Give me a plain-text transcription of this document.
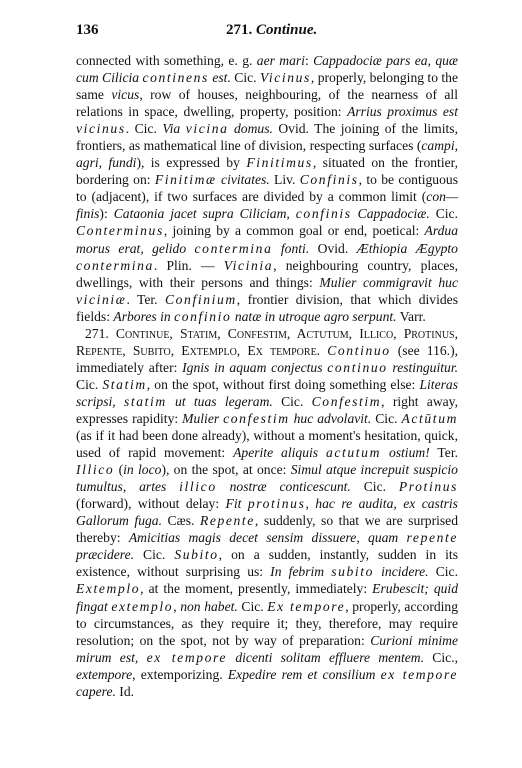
136	271. Continue.

connected with something, e. g. aer mari: Cappadociæ pars ea, quæ cum Cilicia continens est. Cic. Vicinus, properly, belonging to the same vicus, row of houses, neighbouring, of the nearness of all relations in space, dwelling, property, position: Arrius proximus est vicinus. Cic. Via vicina domus. Ovid. The joining of the limits, frontiers, as mathematical line of division, respecting surfaces (campi, agri, fundi), is expressed by Finitimus, situated on the frontier, bordering on: Finitimæ civitates. Liv. Confinis, to be contiguous to (adjacent), if two surfaces are divided by a common limit (con—finis): Cataonia jacet supra Ciliciam, confinis Cappadociæ. Cic. Conterminus, joining by a common goal or end, poetical: Ardua morus erat, gelido contermina fonti. Ovid. Æthiopia Ægypto contermina. Plin. — Vicinia, neighbouring country, places, dwellings, with their persons and things: Mulier commigravit huc viciniæ. Ter. Confinium, frontier division, that which divides fields: Arbores in confinio natæ in utroque agro serpunt. Varr.

271. Continue, Statim, Confestim, Actutum, Illico, Protinus, Repente, Subito, Extemplo, Ex tempore. Continuo (see 116.), immediately after: Ignis in aquam conjectus continuo restinguitur. Cic. Statim, on the spot, without first doing something else: Literas scripsi, statim ut tuas legeram. Cic. Confestim, right away, expresses rapidity: Mulier confestim huc advolavit. Cic. Actūtum (as if it had been done already), without a moment's hesitation, quick, used of rapid movement: Aperite aliquis actutum ostium! Ter. Illico (in loco), on the spot, at once: Simul atque increpuit suspicio tumultus, artes illico nostræ conticescunt. Cic. Protinus (forward), without delay: Fit protinus, hac re audita, ex castris Gallorum fuga. Cæs. Repente, suddenly, so that we are surprised thereby: Amicitias magis decet sensim dissuere, quam repente præcidere. Cic. Subito, on a sudden, instantly, sudden in its existence, without surprising us: In febrim subito incidere. Cic. Extemplo, at the moment, presently, immediately: Erubescit; quid fingat extemplo, non habet. Cic. Ex tempore, properly, according to circumstances, as they require it; they, therefore, may require resolution; on the spot, not by way of preparation: Curioni minime mirum est, ex tempore dicenti solitam effluere mentem. Cic., extempore, extemporizing. Expedire rem et consilium ex tempore capere. Id.
